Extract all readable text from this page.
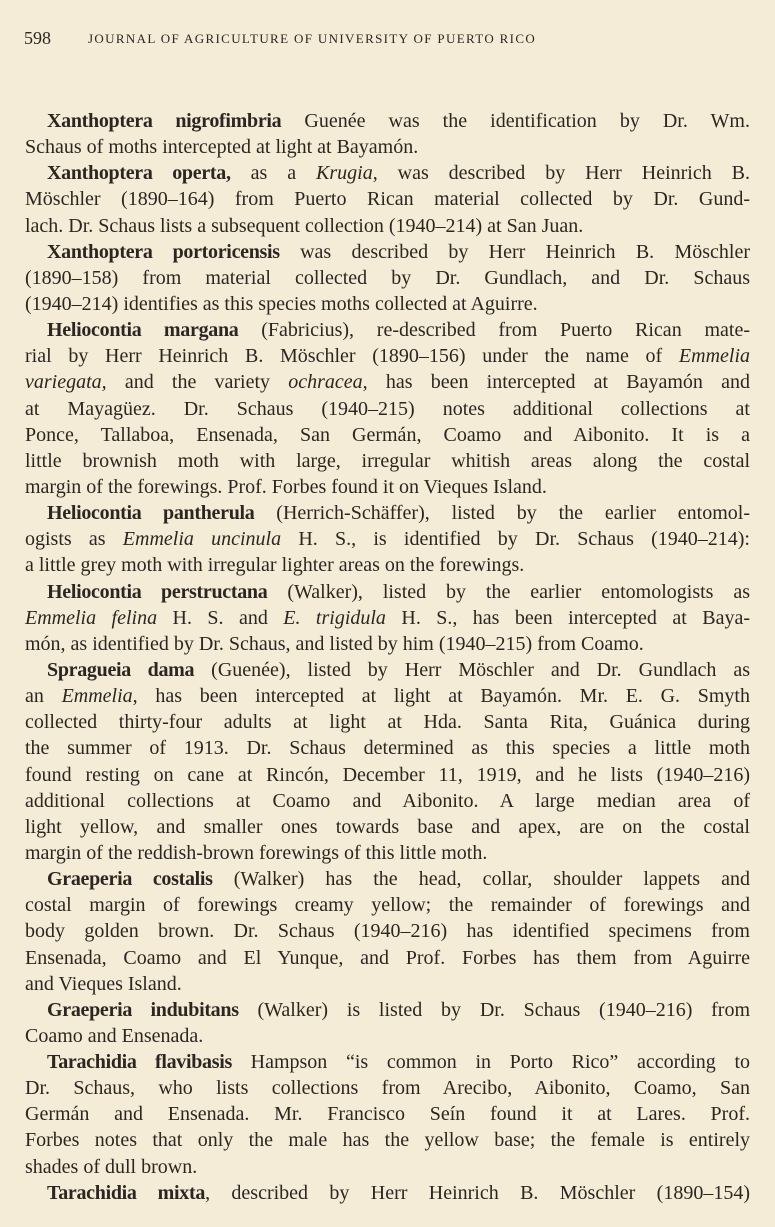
598	JOURNAL OF AGRICULTURE OF UNIVERSITY OF PUERTO RICO
Xanthoptera nigrofimbria Guenée was the identification by Dr. Wm.
Schaus of moths intercepted at light at Bayamón.
Xanthoptera operta, as a Krugia, was described by Herr Heinrich B.
Möschler (1890–164) from Puerto Rican material collected by Dr. Gund-
lach. Dr. Schaus lists a subsequent collection (1940–214) at San Juan.
Xanthoptera portoricensis was described by Herr Heinrich B. Möschler
(1890–158) from material collected by Dr. Gundlach, and Dr. Schaus
(1940–214) identifies as this species moths collected at Aguirre.
Heliocontia margana (Fabricius), re-described from Puerto Rican mate-
rial by Herr Heinrich B. Möschler (1890–156) under the name of Emmelia
variegata, and the variety ochracea, has been intercepted at Bayamón and
at Mayagüez. Dr. Schaus (1940–215) notes additional collections at
Ponce, Tallaboa, Ensenada, San Germán, Coamo and Aibonito. It is a
little brownish moth with large, irregular whitish areas along the costal
margin of the forewings. Prof. Forbes found it on Vieques Island.
Heliocontia pantherula (Herrich-Schäffer), listed by the earlier entomol-
ogists as Emmelia uncinula H. S., is identified by Dr. Schaus (1940–214):
a little grey moth with irregular lighter areas on the forewings.
Heliocontia perstructana (Walker), listed by the earlier entomologists as
Emmelia felina H. S. and E. trigidula H. S., has been intercepted at Baya-
món, as identified by Dr. Schaus, and listed by him (1940–215) from Coamo.
Spragueia dama (Guenée), listed by Herr Möschler and Dr. Gundlach as
an Emmelia, has been intercepted at light at Bayamón. Mr. E. G. Smyth
collected thirty-four adults at light at Hda. Santa Rita, Guánica during
the summer of 1913. Dr. Schaus determined as this species a little moth
found resting on cane at Rincón, December 11, 1919, and he lists (1940–216)
additional collections at Coamo and Aibonito. A large median area of
light yellow, and smaller ones towards base and apex, are on the costal
margin of the reddish-brown forewings of this little moth.
Graeperia costalis (Walker) has the head, collar, shoulder lappets and
costal margin of forewings creamy yellow; the remainder of forewings and
body golden brown. Dr. Schaus (1940–216) has identified specimens from
Ensenada, Coamo and El Yunque, and Prof. Forbes has them from Aguirre
and Vieques Island.
Graeperia indubitans (Walker) is listed by Dr. Schaus (1940–216) from
Coamo and Ensenada.
Tarachidia flavibasis Hampson “is common in Porto Rico” according to
Dr. Schaus, who lists collections from Arecibo, Aibonito, Coamo, San
Germán and Ensenada. Mr. Francisco Seín found it at Lares. Prof.
Forbes notes that only the male has the yellow base; the female is entirely
shades of dull brown.
Tarachidia mixta, described by Herr Heinrich B. Möschler (1890–154)
